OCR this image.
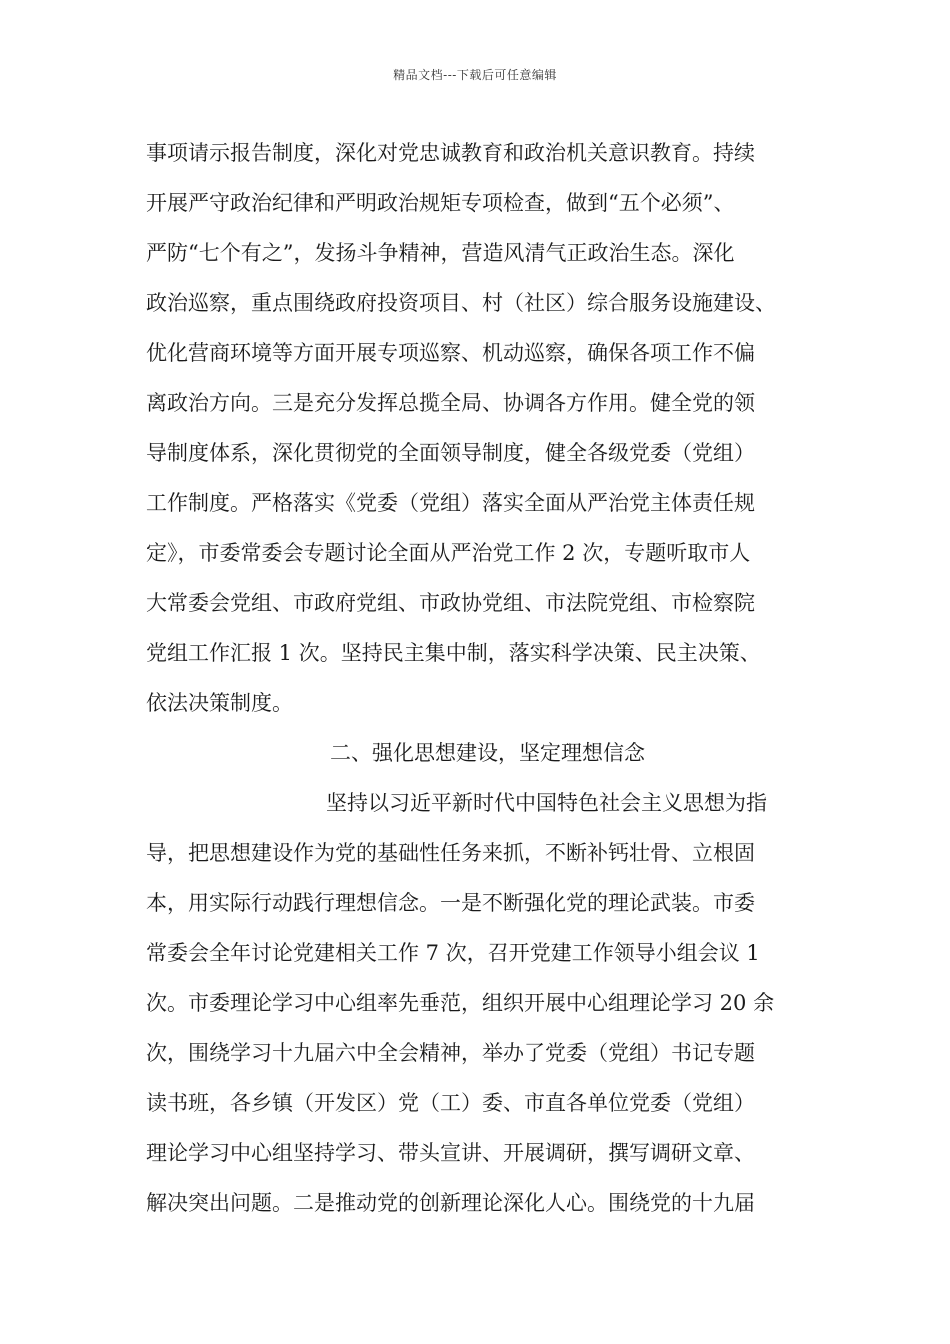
精品文档---下载后可任意编辑
事项请示报告制度，深化对党忠诚教育和政治机关意识教育。持续
开展严守政治纪律和严明政治规矩专项检查，做到“五个必须”、
严防“七个有之”，发扬斗争精神，营造风清气正政治生态。深化
政治巡察，重点围绕政府投资项目、村（社区）综合服务设施建设、
优化营商环境等方面开展专项巡察、机动巡察，确保各项工作不偏
离政治方向。三是充分发挥总揽全局、协调各方作用。健全党的领
导制度体系，深化贯彻党的全面领导制度，健全各级党委（党组）
工作制度。严格落实《党委（党组）落实全面从严治党主体责任规
定》，市委常委会专题讨论全面从严治党工作 2 次，专题听取市人
大常委会党组、市政府党组、市政协党组、市法院党组、市检察院
党组工作汇报 1 次。坚持民主集中制，落实科学决策、民主决策、
依法决策制度。
二、强化思想建设，坚定理想信念
坚持以习近平新时代中国特色社会主义思想为指
导，把思想建设作为党的基础性任务来抓，不断补钙壮骨、立根固
本，用实际行动践行理想信念。一是不断强化党的理论武装。市委
常委会全年讨论党建相关工作 7 次，召开党建工作领导小组会议 1
次。市委理论学习中心组率先垂范，组织开展中心组理论学习 20 余
次，围绕学习十九届六中全会精神，举办了党委（党组）书记专题
读书班，各乡镇（开发区）党（工）委、市直各单位党委（党组）
理论学习中心组坚持学习、带头宣讲、开展调研，撰写调研文章、
解决突出问题。二是推动党的创新理论深化人心。围绕党的十九届
